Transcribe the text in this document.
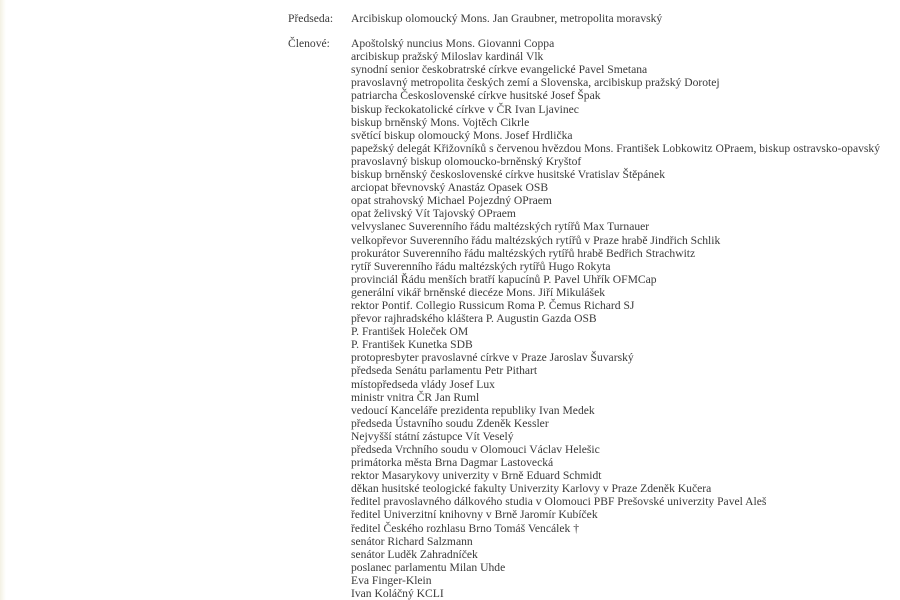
Předseda:	Arcibiskup olomoucký Mons. Jan Graubner, metropolita moravský
Členové:	Apoštolský nuncius Mons. Giovanni Coppa
arcibiskup pražský Miloslav kardinál Vlk
synodní senior českobratrské církve evangelické Pavel Smetana
pravoslavný metropolita českých zemí a Slovenska, arcibiskup pražský Dorotej
patriarcha Československé církve husitské Josef Špak
biskup řeckokatolické církve v ČR Ivan Ljavinec
biskup brněnský Mons. Vojtěch Cikrle
světící biskup olomoucký Mons. Josef Hrdlička
papežský delegát Křižovníků s červenou hvězdou Mons. František Lobkowitz OPraem, biskup ostravsko-opavský
pravoslavný biskup olomoucko-brněnský Kryštof
biskup brněnský československé církve husitské Vratislav Štěpánek
arciopat břevnovský Anastáz Opasek OSB
opat strahovský Michael Pojezdný OPraem
opat želivský Vít Tajovský OPraem
velvyslanec Suverenního řádu maltézských rytířů Max Turnauer
velkopřevor Suverenního řádu maltézských rytířů v Praze hrabě Jindřich Schlik
prokurátor Suverenního řádu maltézských rytířů hrabě Bedřich Strachwitz
rytíř Suverenního řádu maltézských rytířů Hugo Rokyta
provinciál Řádu menších bratří kapucínů P. Pavel Uhřík OFMCap
generální vikář brněnské diecéze Mons. Jiří Mikulášek
rektor Pontif. Collegio Russicum Roma P. Čemus Richard SJ
převor rajhradského kláštera P. Augustin Gazda OSB
P. František Holeček OM
P. František Kunetka SDB
protopresbyter pravoslavné církve v Praze Jaroslav Šuvarský
předseda Senátu parlamentu Petr Pithart
místopředseda vlády Josef Lux
ministr vnitra ČR Jan Ruml
vedoucí Kanceláře prezidenta republiky Ivan Medek
předseda Ústavního soudu Zdeněk Kessler
Nejvyšší státní zástupce Vít Veselý
předseda Vrchního soudu v Olomouci Václav Helešic
primátorka města Brna Dagmar Lastovecká
rektor Masarykovy univerzity v Brně Eduard Schmidt
děkan husitské teologické fakulty Univerzity Karlovy v Praze Zdeněk Kučera
ředitel pravoslavného dálkového studia v Olomouci PBF Prešovské univerzity Pavel Aleš
ředitel Univerzitní knihovny v Brně Jaromír Kubíček
ředitel Českého rozhlasu Brno Tomáš Vencálek †
senátor Richard Salzmann
senátor Luděk Zahradníček
poslanec parlamentu Milan Uhde
Eva Finger-Klein
Ivan Koláčný KCLI
